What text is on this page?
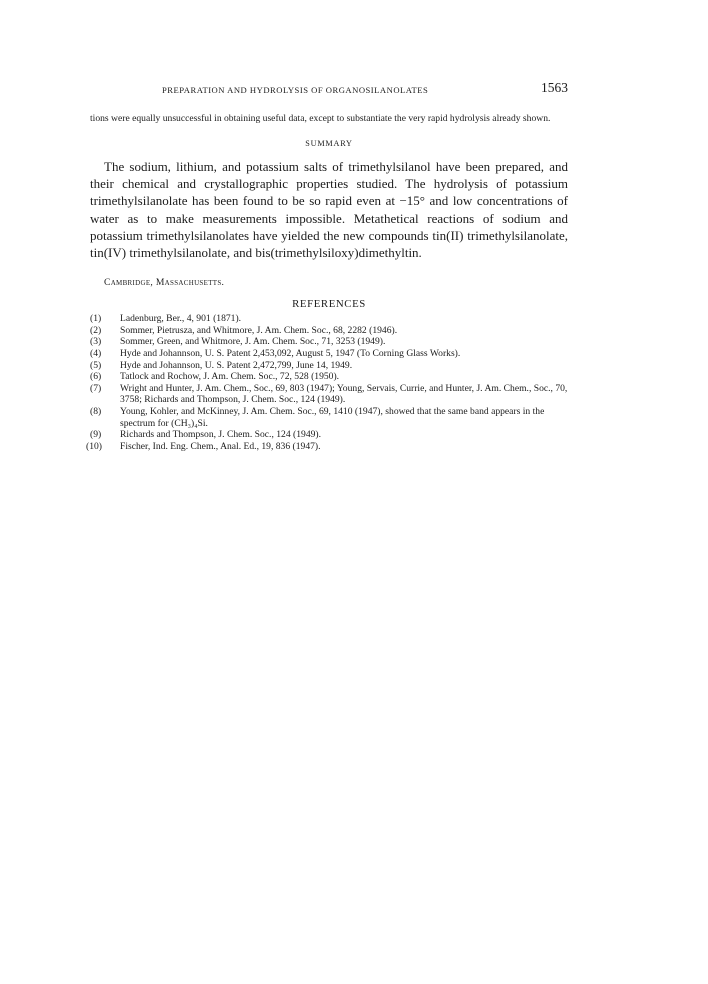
PREPARATION AND HYDROLYSIS OF ORGANOSILANOLATES	1563

tions were equally unsuccessful in obtaining useful data, except to substantiate the very rapid hydrolysis already shown.

SUMMARY

The sodium, lithium, and potassium salts of trimethylsilanol have been prepared, and their chemical and crystallographic properties studied. The hydrolysis of potassium trimethylsilanolate has been found to be so rapid even at −15° and low concentrations of water as to make measurements impossible. Metathetical reactions of sodium and potassium trimethylsilanolates have yielded the new compounds tin(II) trimethylsilanolate, tin(IV) trimethylsilanolate, and bis(trimethylsiloxy)dimethyltin.

Cambridge, Massachusetts.
REFERENCES
(1)	Ladenburg, Ber., 4, 901 (1871).
(2)	Sommer, Pietrusza, and Whitmore, J. Am. Chem. Soc., 68, 2282 (1946).
(3)	Sommer, Green, and Whitmore, J. Am. Chem. Soc., 71, 3253 (1949).
(4)	Hyde and Johannson, U. S. Patent 2,453,092, August 5, 1947 (To Corning Glass Works).
(5)	Hyde and Johannson, U. S. Patent 2,472,799, June 14, 1949.
(6)	Tatlock and Rochow, J. Am. Chem. Soc., 72, 528 (1950).
(7)	Wright and Hunter, J. Am. Chem., Soc., 69, 803 (1947); Young, Servais, Currie, and Hunter, J. Am. Chem., Soc., 70, 3758; Richards and Thompson, J. Chem. Soc., 124 (1949).
(8)	Young, Kohler, and McKinney, J. Am. Chem. Soc., 69, 1410 (1947), showed that the same band appears in the spectrum for (CH₃)₄Si.
(9)	Richards and Thompson, J. Chem. Soc., 124 (1949).
(10)	Fischer, Ind. Eng. Chem., Anal. Ed., 19, 836 (1947).
